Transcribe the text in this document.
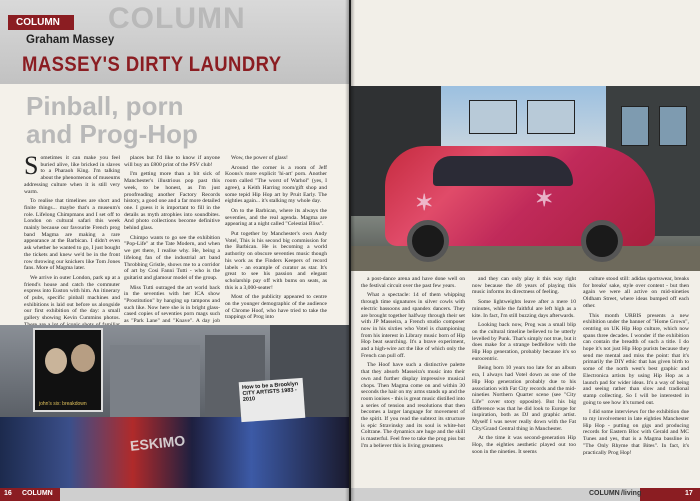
COLUMN
COLUMN
Graham Massey
MASSEY'S DIRTY LAUNDRY
Pinball, porn and Prog-Hop

Sometimes it can make you feel buried alive, like bricked in slaves to a Pharaoh King. I'm talking about the phenomenon of museums addressing culture when it is still very warm.

To realise that timelines are short and finite things... maybe that's a museum's role. Lifelong Chimpmans and I set off to London on cultural safari this week mainly because our favourite French prog band Magma are making a rare appearance at the Barbican. I didn't even ask whether he wanted to go, I just bought the tickets and knew we'd be in the front row throwing our knickers like Tom Jones fans. More of Magma later.

We arrive in outer London, park up at a friend's house and catch the commuter express into Euston with him. An itinerary of pubs, specific pinball machines and exhibitions is laid out before us alongside our first exhibition of the day: a small gallery showing Kevin Cummins photos.

places but I'd like to know if anyone will buy an £800 print of the PSV club!

I'm getting more than a bit sick of Manchester's illustrious pop past this week, to be honest, as I'm just proofreading another Factory Records history, a good one and a far more detailed one. I guess it is important to fill in the details as myth atrophies into soundbites. And photo collections become definitive behind glass.

Chimpo wants to go see the exhibition "Pop-Life" at the Tate Modern, and when we get there, I realise why. He, being a lifelong fan of the industrial art band Throbbing Gristle, shows me to a corridor of art by Cosi Fanni Tutti - who is the guitarist and glamour model of the group.

Miss Tutti outraged the art world back in the seventies with her ICA show "Prostitution" by hanging up tampons and such like. Now here she is in bright glass-cased copies of seventies porn mags such as "Park Lane" and "Knave". A day job

Wow, the power of glass!

Around the corner is a room of Jeff Koons's more explicit 'hi-art' porn. Another room called "The worst of Warhol" (yes, I agree), a Keith Harring room/gift shop and some tepid Hip Hop art by Pruit Early. The eighties again... it's stalking my whole day.

On to the Barbican, where its always the seventies, and the real agenda. Magma are appearing at a night called "Celestial Bliss".

Put together by Manchester's own Andy Votel, This is his second big commission for the Barbican. He is becoming a world authority on obscure seventies music though his work as the Finders Keepers of record labels - an example of curator as star. It's great to see his passion and elegant scholarship pay off with bums on seats, as this is a 3,000-seater!

Most of the publicity appeared to centre on the younger demographic of the audience of Chrome Hoof, who have tried to take the trappings of Prog into

ESKIMO
john's six: breakdown
How to be a Brooklyn CITY ARTISTS 1983 - 2010
16 COLUMN
✶	✶

a post-dance arena and have done well on the festival circuit over the past few years.

What a spectacle: 14 of them whipping through time signatures in silver cowls with electric bassoons and spandex dancers. They are brought together halfway through their set with JP Masseira, a French studio composer now in his sixties who Votel is championing from his interest in Library music born of Hip Hop beat searching. It's a brave experiment, and a high-wire act the like of which only the French can pull off.

The Hoof have such a distinctive palette that they absorb Masseira's music into their own and further display impressive musical chops. Then Magma come on and within 30 seconds the hair on my arms stands up and the room ionises - this is great music distilled into a series of tension and resolutions that then becomes a larger language for movement of the spirit. If you read the subtext its structure is epic Stravinsky and its soul is white-hot Coltrane. The dynamics are huge and the skill is masterful. Feel free to take the prog piss but I'm a believer this is living greatness

and they can only play it this way right now because the 40 years of playing this music informs its directness of feeling.

Some lightweights leave after a mere 10 minutes, while the faithful are left high as a kite. In fact, I'm still buzzing days afterwards.

Looking back now, Prog was a small blip on the cultural timeline believed to be utterly levelled by Punk. That's simply not true, but it does make for a strange bedfellow with the Hip Hop generation, probably because it's so eurocentric.

Being born 10 years too late for an album era, I always had Votel down as one of the Hip Hop generation probably due to his association with Fat City records and the mid-nineties Northern Quarter scene (see "City Life" cover story opposite). But his big difference was that he did look to Europe for inspiration, both as DJ and graphic artist. Myself I was never really down with the Fat City/Grand Central thing in Manchester.

At the time it was second-generation Hip Hop, the eighties aesthetic played out too soon in the nineties. It seems

culture stood still: adidas sportswear, breaks for breaks' sake, style over content - but then again we were all active on mid-nineties Oldham Street, where ideas bumped off each other.

This month URBIS presents a new exhibition under the banner of "Home Grown", centring on UK Hip Hop culture, which now spans three decades. I wonder if the exhibition can contain the breadth of such a title. I do hope it's not just Hip Hop purists because they send me mental and miss the point: that it's primarily the DIY ethic that has given birth to some of the north west's best graphic and Electronica artists by using Hip Hop as a launch pad for wider ideas. It's a way of being and seeing rather than slow and tradional stamp collecting. So I will be interested in going to see how it's turned out.

I did some interviews for the exhibition due to my involvement in late eighties Manchester Hip Hop - putting on gigs and producing records for Eastern Bloc with Gerald and MC Tunes and yes, that is a Magma bassline in "The Only Rhyme that Bites". In fact, it's practically Prog Hop!

COLUMN /living	17
